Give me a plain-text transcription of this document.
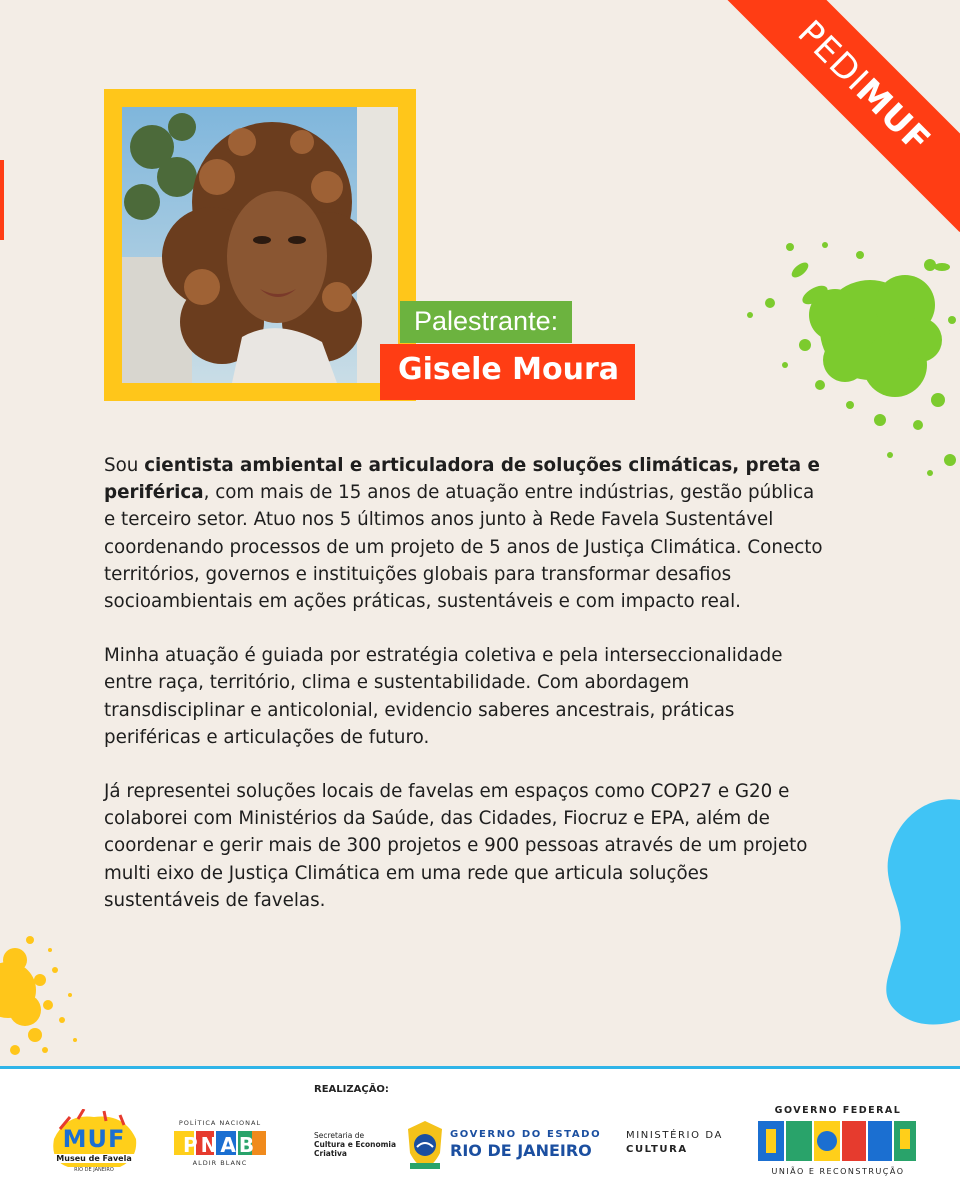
PEDIMUF
Palestrante:
Gisele Moura

Sou cientista ambiental e articuladora de soluções climáticas, preta e periférica, com mais de 15 anos de atuação entre indústrias, gestão pública e terceiro setor. Atuo nos 5 últimos anos junto à Rede Favela Sustentável coordenando processos de um projeto de 5 anos de Justiça Climática. Conecto territórios, governos e instituições globais para transformar desafios socioambientais em ações práticas, sustentáveis e com impacto real.

Minha atuação é guiada por estratégia coletiva e pela interseccionalidade entre raça, território, clima e sustentabilidade. Com abordagem transdisciplinar e anticolonial, evidencio saberes ancestrais, práticas periféricas e articulações de futuro.

Já representei soluções locais de favelas em espaços como COP27 e G20 e colaborei com Ministérios da Saúde, das Cidades, Fiocruz e EPA, além de coordenar e gerir mais de 300 projetos e 900 pessoas através de um projeto multi eixo de Justiça Climática em uma rede que articula soluções sustentáveis de favelas.

REALIZAÇÃO:
MUF
Museu de Favela
RIO DE JANEIRO
POLÍTICA NACIONAL
ALDIR BLANC
PNAB	Secretaria de
Cultura e Economia
Criativa
GOVERNO DO ESTADO
RIO DE JANEIRO
MINISTÉRIO DA
CULTURA
GOVERNO FEDERAL
UNIÃO E RECONSTRUÇÃO
